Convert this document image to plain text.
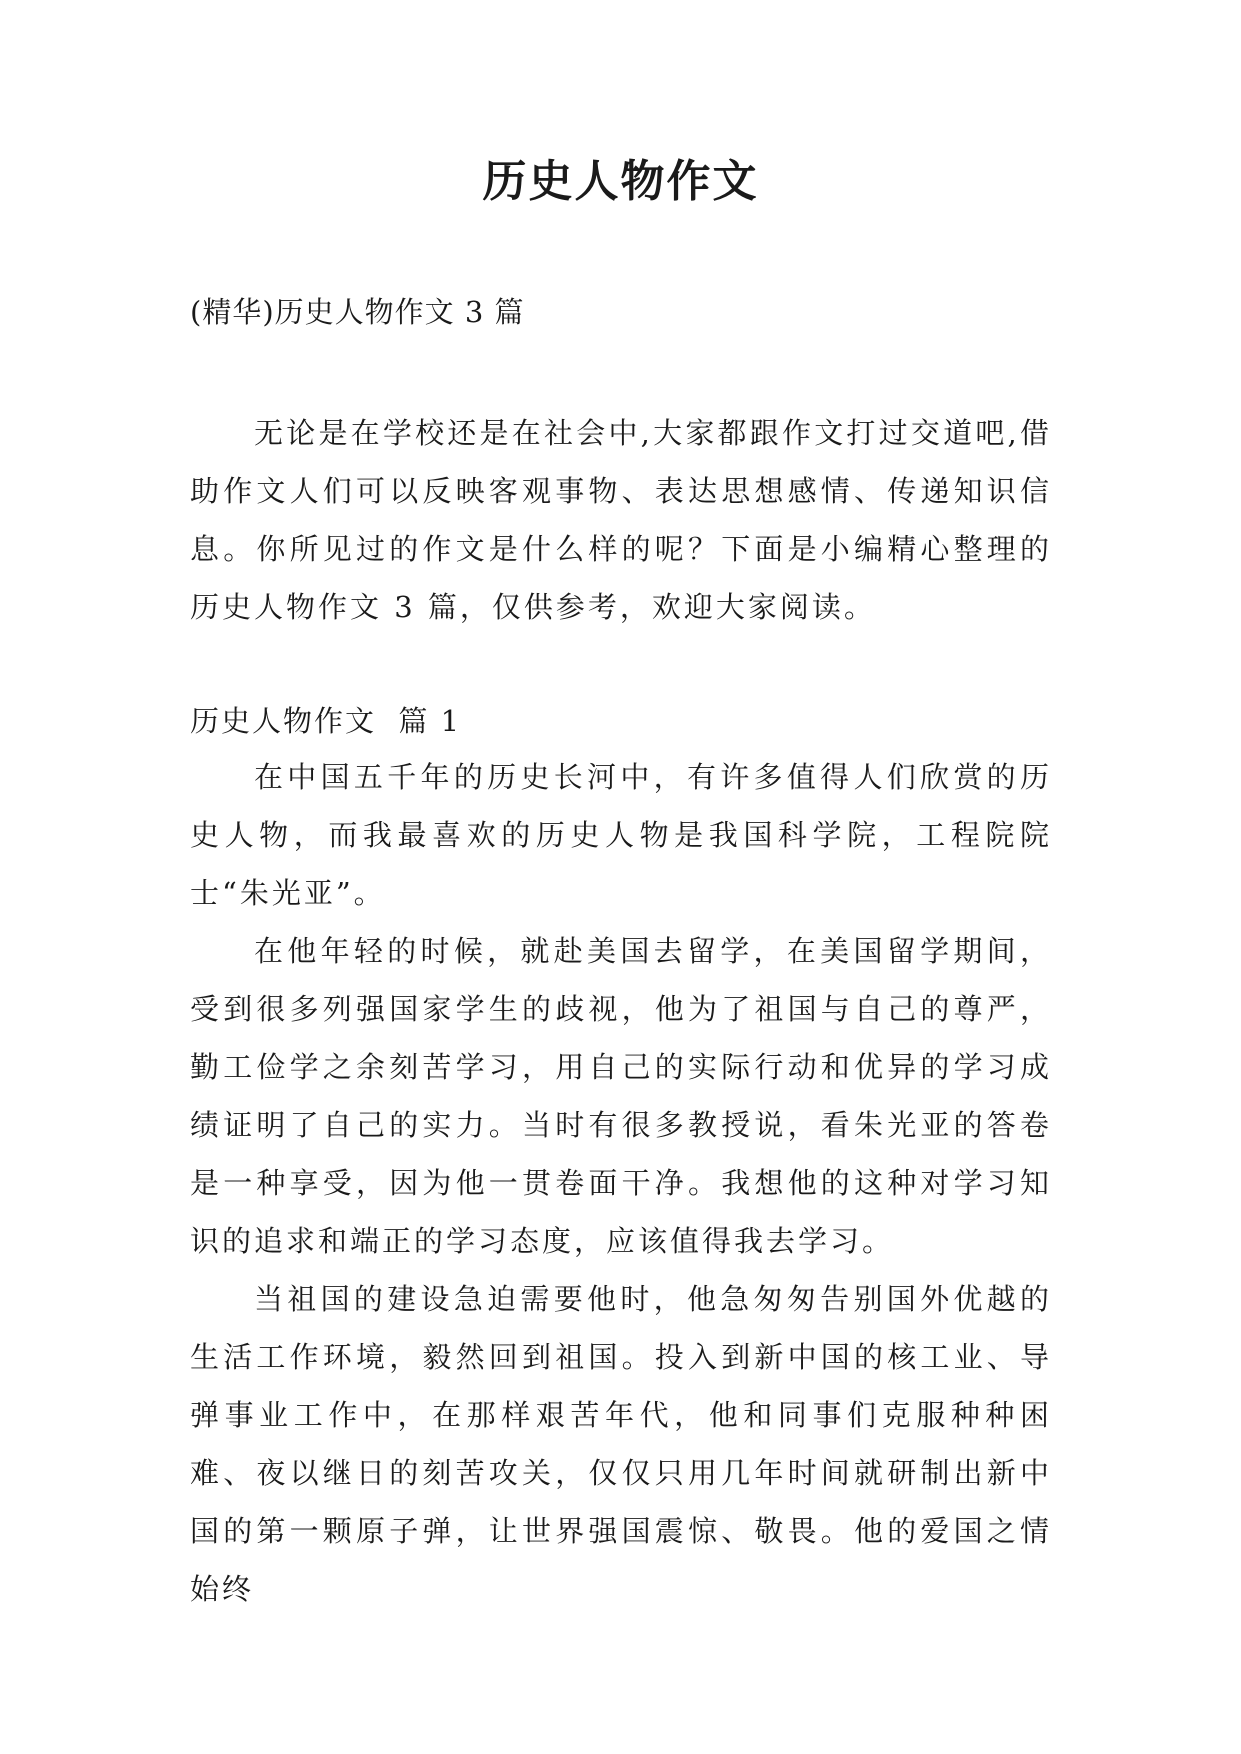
历史人物作文
(精华)历史人物作文 3 篇

无论是在学校还是在社会中,大家都跟作文打过交道吧,借助作文人们可以反映客观事物、表达思想感情、传递知识信息。你所见过的作文是什么样的呢？下面是小编精心整理的历史人物作文 3 篇，仅供参考，欢迎大家阅读。

历史人物作文  篇 1

在中国五千年的历史长河中，有许多值得人们欣赏的历史人物，而我最喜欢的历史人物是我国科学院，工程院院士“朱光亚”。

在他年轻的时候，就赴美国去留学，在美国留学期间，受到很多列强国家学生的歧视，他为了祖国与自己的尊严，勤工俭学之余刻苦学习，用自己的实际行动和优异的学习成绩证明了自己的实力。当时有很多教授说，看朱光亚的答卷是一种享受，因为他一贯卷面干净。我想他的这种对学习知识的追求和端正的学习态度，应该值得我去学习。

当祖国的建设急迫需要他时，他急匆匆告别国外优越的生活工作环境，毅然回到祖国。投入到新中国的核工业、导弹事业工作中，在那样艰苦年代，他和同事们克服种种困难、夜以继日的刻苦攻关，仅仅只用几年时间就研制出新中国的第一颗原子弹，让世界强国震惊、敬畏。他的爱国之情始终
